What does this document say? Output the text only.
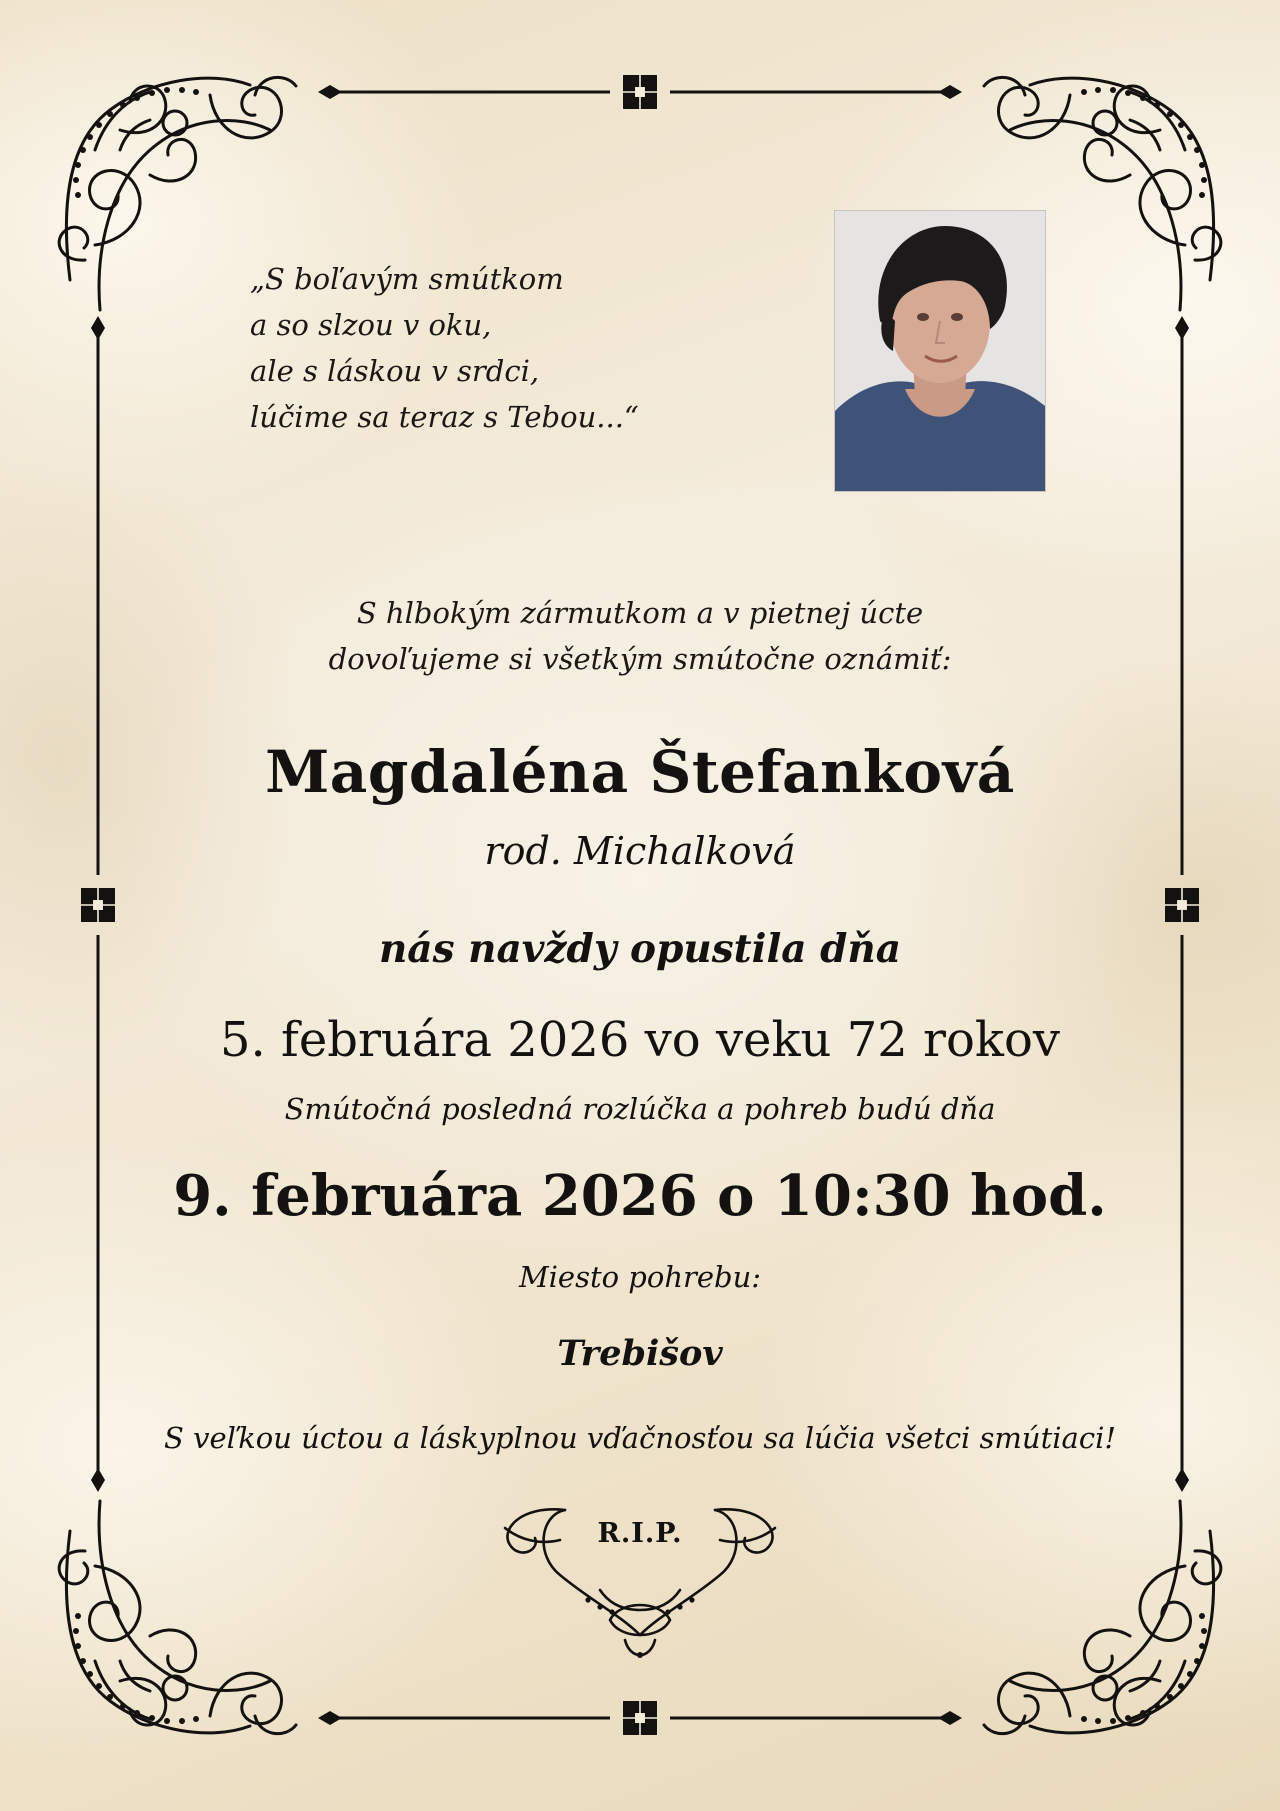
„S boľavým smútkom
a so slzou v oku,
ale s láskou v srdci,
lúčime sa teraz s Tebou...“
S hlbokým zármutkom a v pietnej úcte
dovoľujeme si všetkým smútočne oznámiť:
Magdaléna Štefanková
rod. Michalková
nás navždy opustila dňa
5. februára 2026 vo veku 72 rokov
Smútočná posledná rozlúčka a pohreb budú dňa
9. februára 2026 o 10:30 hod.
Miesto pohrebu:
Trebišov
S veľkou úctou a láskyplnou vďačnosťou sa lúčia všetci smútiaci!
R.I.P.
